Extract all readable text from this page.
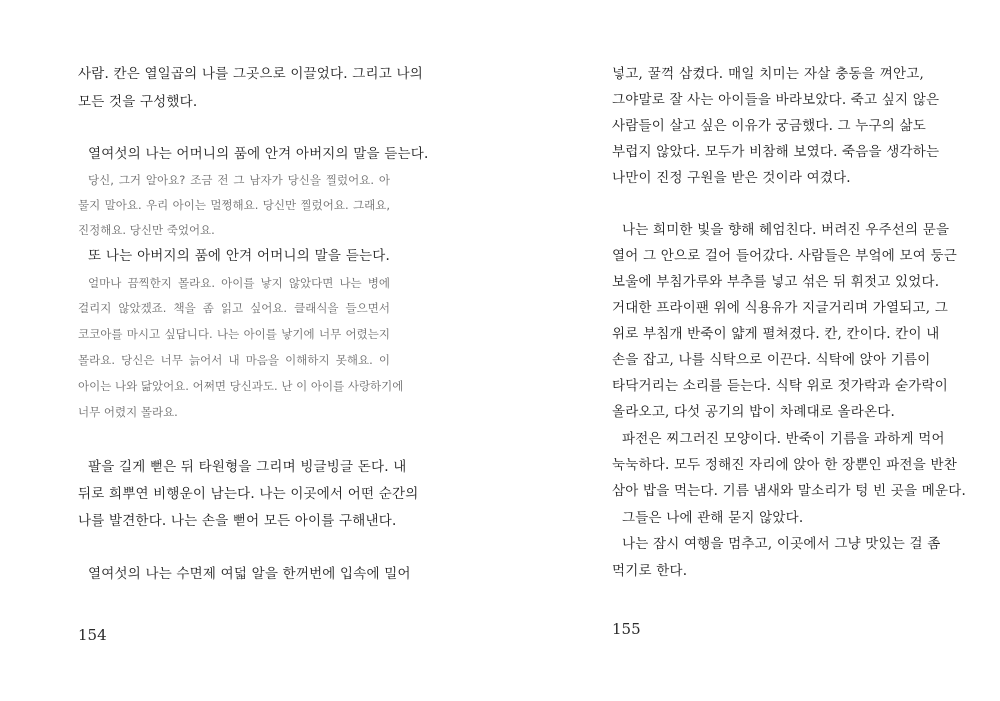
사람. 칸은 열일곱의 나를 그곳으로 이끌었다. 그리고 나의
모든 것을 구성했다.
열여섯의 나는 어머니의 품에 안겨 아버지의 말을 듣는다.
당신, 그거 알아요? 조금 전 그 남자가 당신을 찔렀어요. 아
물지 말아요. 우리 아이는 멀쩡해요. 당신만 찔렀어요. 그래요,
진정해요. 당신만 죽었어요.
또 나는 아버지의 품에 안겨 어머니의 말을 듣는다.
얼마나 끔찍한지 몰라요. 아이를 낳지 않았다면 나는 병에
걸리지 않았겠죠. 책을 좀 읽고 싶어요. 클래식을 들으면서
코코아를 마시고 싶답니다. 나는 아이를 낳기에 너무 어렸는지
몰라요. 당신은 너무 늙어서 내 마음을 이해하지 못해요. 이
아이는 나와 닮았어요. 어쩌면 당신과도. 난 이 아이를 사랑하기에
너무 어렸지 몰라요.
팔을 길게 뻗은 뒤 타원형을 그리며 빙글빙글 돈다. 내
뒤로 희뿌연 비행운이 남는다. 나는 이곳에서 어떤 순간의
나를 발견한다. 나는 손을 뻗어 모든 아이를 구해낸다.
열여섯의 나는 수면제 여덟 알을 한꺼번에 입속에 밀어
154
넣고, 꿀꺽 삼켰다. 매일 치미는 자살 충동을 껴안고,
그야말로 잘 사는 아이들을 바라보았다. 죽고 싶지 않은
사람들이 살고 싶은 이유가 궁금했다. 그 누구의 삶도
부럽지 않았다. 모두가 비참해 보였다. 죽음을 생각하는
나만이 진정 구원을 받은 것이라 여겼다.
나는 희미한 빛을 향해 헤엄친다. 버려진 우주선의 문을
열어 그 안으로 걸어 들어갔다. 사람들은 부엌에 모여 둥근
보울에 부침가루와 부추를 넣고 섞은 뒤 휘젓고 있었다.
거대한 프라이팬 위에 식용유가 지글거리며 가열되고, 그
위로 부침개 반죽이 얇게 펼쳐졌다. 칸, 칸이다. 칸이 내
손을 잡고, 나를 식탁으로 이끈다. 식탁에 앉아 기름이
타닥거리는 소리를 듣는다. 식탁 위로 젓가락과 숟가락이
올라오고, 다섯 공기의 밥이 차례대로 올라온다.
파전은 찌그러진 모양이다. 반죽이 기름을 과하게 먹어
눅눅하다. 모두 정해진 자리에 앉아 한 장뿐인 파전을 반찬
삼아 밥을 먹는다. 기름 냄새와 말소리가 텅 빈 곳을 메운다.
그들은 나에 관해 묻지 않았다.
나는 잠시 여행을 멈추고, 이곳에서 그냥 맛있는 걸 좀
먹기로 한다.
155
